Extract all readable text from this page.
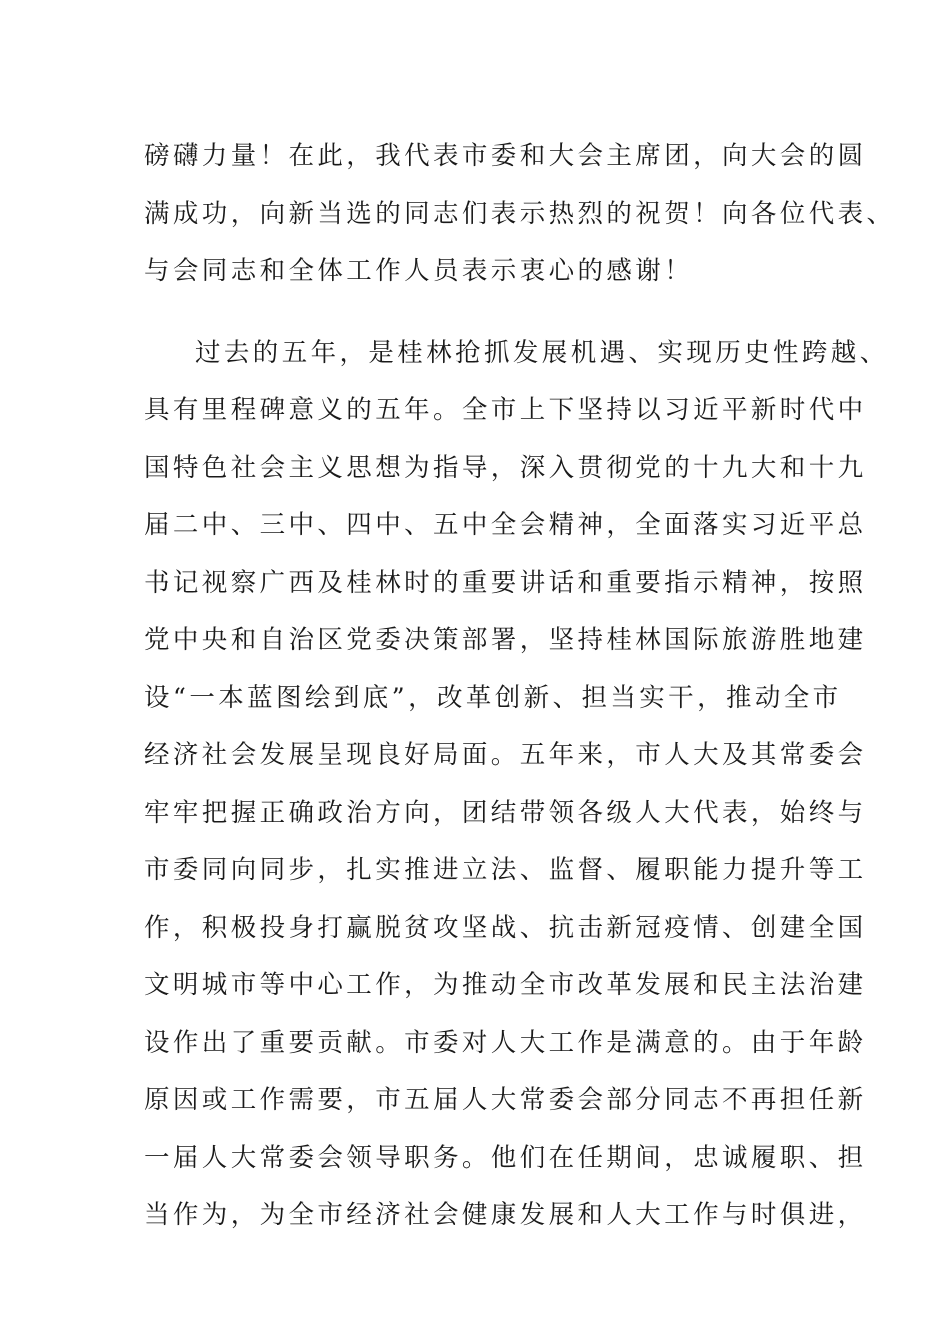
磅礴力量！在此，我代表市委和大会主席团，向大会的圆
满成功，向新当选的同志们表示热烈的祝贺！向各位代表、
与会同志和全体工作人员表示衷心的感谢！
过去的五年，是桂林抢抓发展机遇、实现历史性跨越、
具有里程碑意义的五年。全市上下坚持以习近平新时代中
国特色社会主义思想为指导，深入贯彻党的十九大和十九
届二中、三中、四中、五中全会精神，全面落实习近平总
书记视察广西及桂林时的重要讲话和重要指示精神，按照
党中央和自治区党委决策部署，坚持桂林国际旅游胜地建
设“一本蓝图绘到底”，改革创新、担当实干，推动全市
经济社会发展呈现良好局面。五年来，市人大及其常委会
牢牢把握正确政治方向，团结带领各级人大代表，始终与
市委同向同步，扎实推进立法、监督、履职能力提升等工
作，积极投身打赢脱贫攻坚战、抗击新冠疫情、创建全国
文明城市等中心工作，为推动全市改革发展和民主法治建
设作出了重要贡献。市委对人大工作是满意的。由于年龄
原因或工作需要，市五届人大常委会部分同志不再担任新
一届人大常委会领导职务。他们在任期间，忠诚履职、担
当作为，为全市经济社会健康发展和人大工作与时俱进，
